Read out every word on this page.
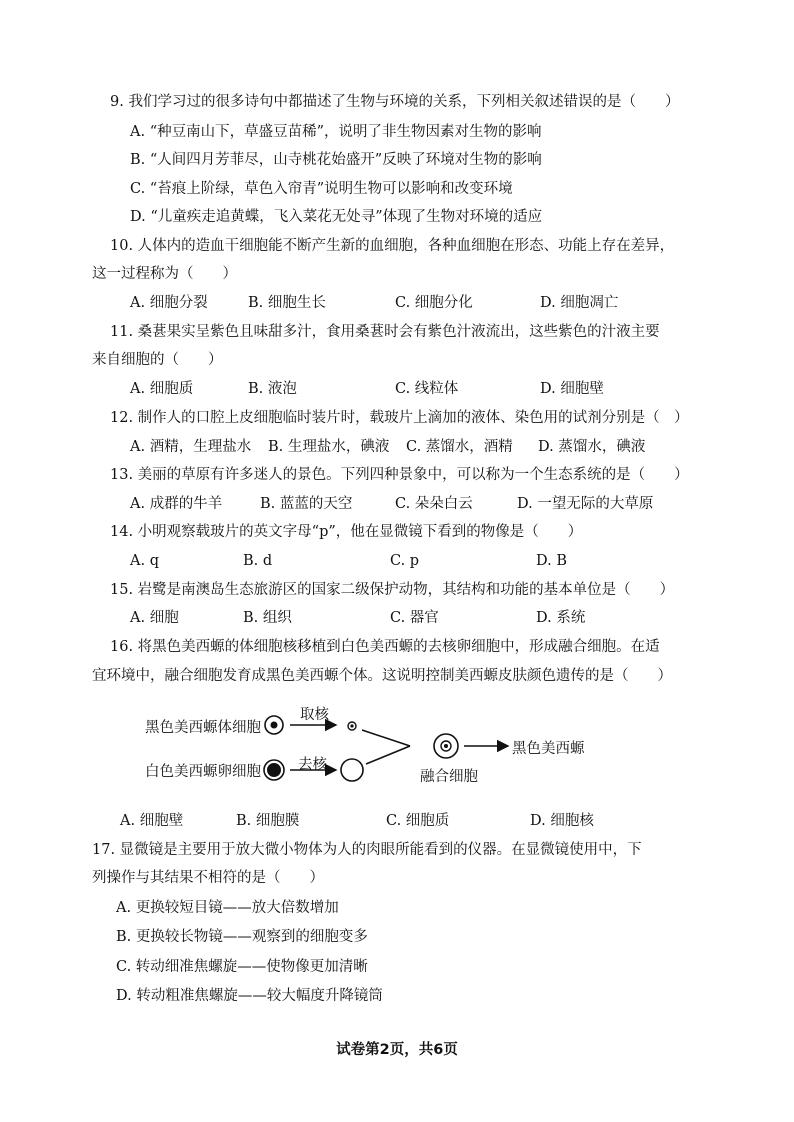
9. 我们学习过的很多诗句中都描述了生物与环境的关系，下列相关叙述错误的是（　　）
A. “种豆南山下，草盛豆苗稀”，说明了非生物因素对生物的影响
B. “人间四月芳菲尽，山寺桃花始盛开”反映了环境对生物的影响
C. “苔痕上阶绿，草色入帘青”说明生物可以影响和改变环境
D. “儿童疾走追黄蝶，飞入菜花无处寻”体现了生物对环境的适应
10. 人体内的造血干细胞能不断产生新的血细胞，各种血细胞在形态、功能上存在差异，
这一过程称为（　　）
A. 细胞分裂	B. 细胞生长	C. 细胞分化	D. 细胞凋亡
11. 桑葚果实呈紫色且味甜多汁，食用桑葚时会有紫色汁液流出，这些紫色的汁液主要
来自细胞的（　　）
A. 细胞质	B. 液泡	C. 线粒体	D. 细胞壁
12. 制作人的口腔上皮细胞临时装片时，载玻片上滴加的液体、染色用的试剂分别是（　）
A. 酒精，生理盐水 B. 生理盐水，碘液 C. 蒸馏水，酒精 D. 蒸馏水，碘液
13. 美丽的草原有许多迷人的景色。下列四种景象中，可以称为一个生态系统的是（　　）
A. 成群的牛羊	B. 蓝蓝的天空	C. 朵朵白云	D. 一望无际的大草原
14. 小明观察载玻片的英文字母“p”，他在显微镜下看到的物像是（　　）
A. q	B. d	C. p	D. B
15. 岩鹭是南澳岛生态旅游区的国家二级保护动物，其结构和功能的基本单位是（　　）
A. 细胞	B. 组织	C. 器官	D. 系统
16. 将黑色美西螈的体细胞核移植到白色美西螈的去核卵细胞中，形成融合细胞。在适
宜环境中，融合细胞发育成黑色美西螈个体。这说明控制美西螈皮肤颜色遗传的是（　　）
黑色美西螈体细胞
白色美西螈卵细胞
取核
去核
融合细胞
黑色美西螈
A. 细胞壁	B. 细胞膜	C. 细胞质	D. 细胞核
17. 显微镜是主要用于放大微小物体为人的肉眼所能看到的仪器。在显微镜使用中，下
列操作与其结果不相符的是（　　）
A. 更换较短目镜——放大倍数增加
B. 更换较长物镜——观察到的细胞变多
C. 转动细准焦螺旋——使物像更加清晰
D. 转动粗准焦螺旋——较大幅度升降镜筒
试卷第2页，共6页
